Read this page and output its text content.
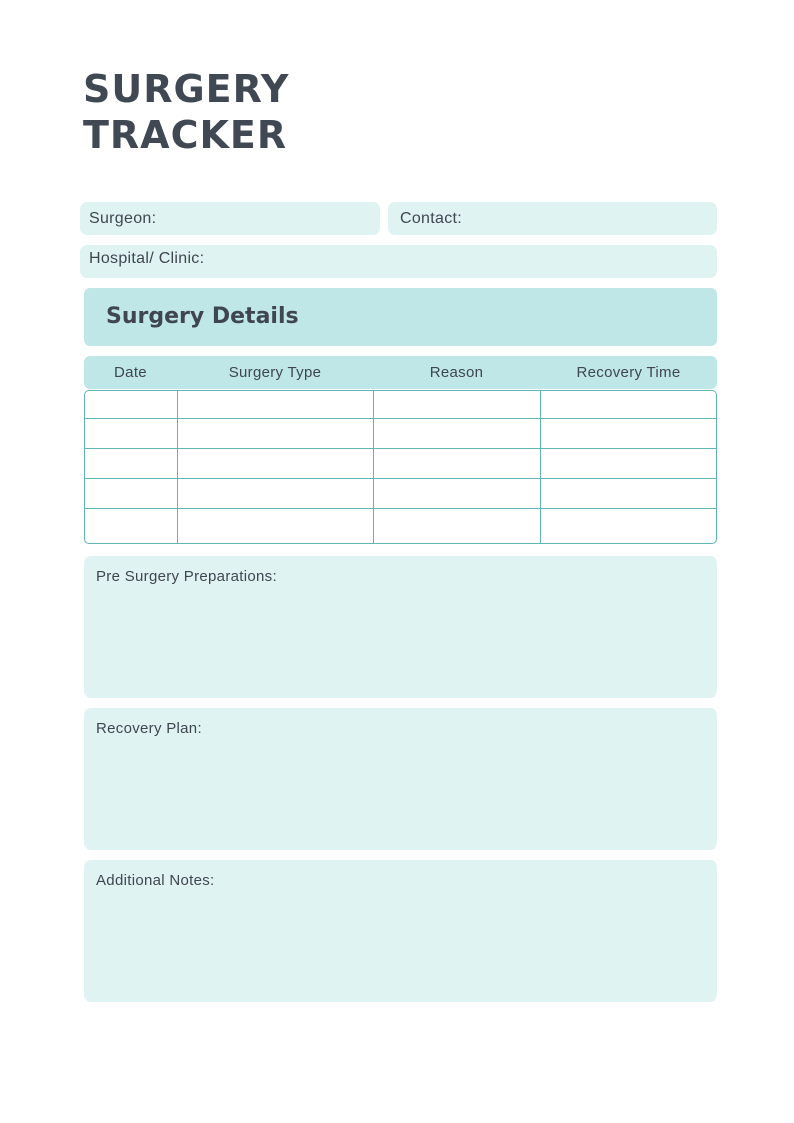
SURGERY
TRACKER
Surgeon:	Contact:
Hospital/ Clinic:
Surgery Details
Date	Surgery Type	Reason	Recovery Time
Pre Surgery Preparations:
Recovery Plan:
Additional Notes:
